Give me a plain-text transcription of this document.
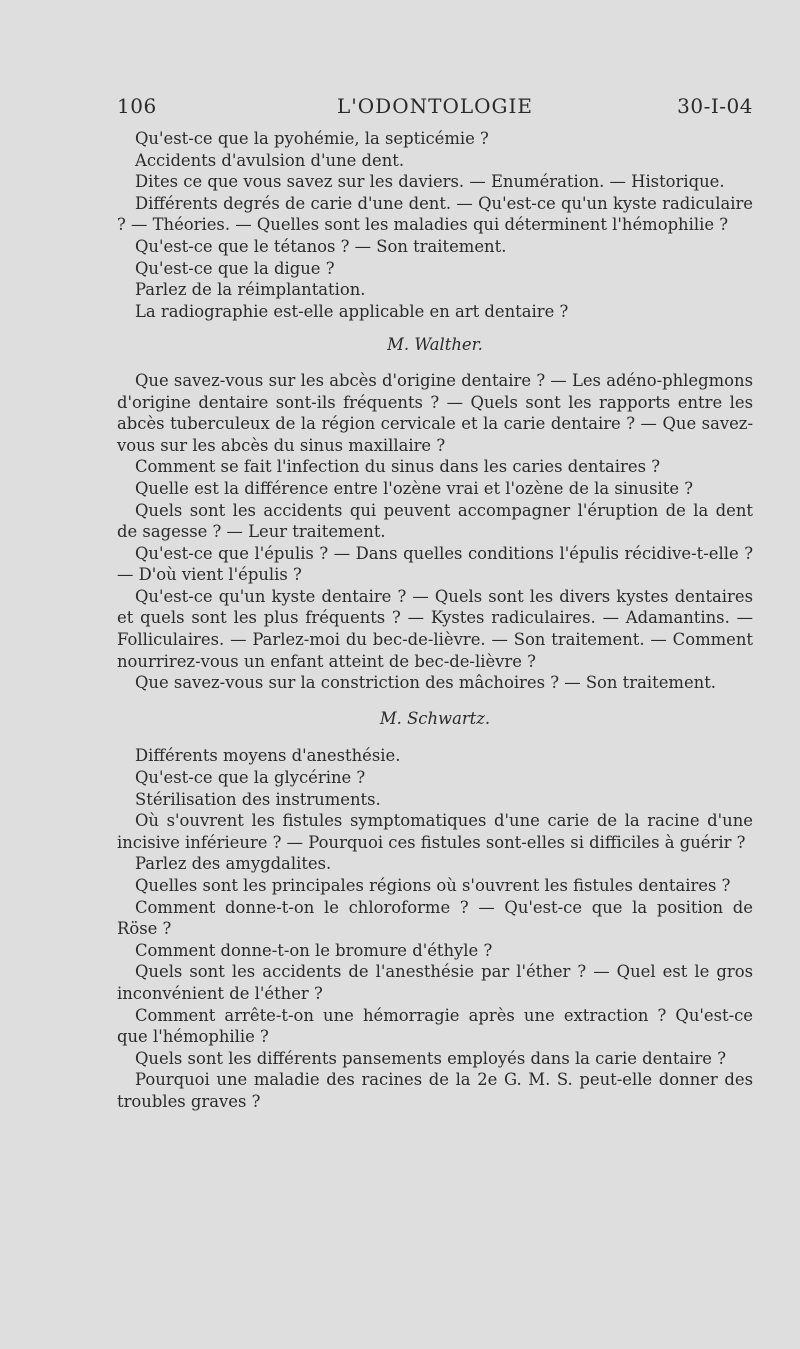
106	L'ODONTOLOGIE	30-I-04

Qu'est-ce que la pyohémie, la septicémie ?

Accidents d'avulsion d'une dent.

Dites ce que vous savez sur les daviers. — Enumération. — Historique.

Différents degrés de carie d'une dent. — Qu'est-ce qu'un kyste radiculaire ? — Théories. — Quelles sont les maladies qui déterminent l'hémophilie ?

Qu'est-ce que le tétanos ? — Son traitement.

Qu'est-ce que la digue ?

Parlez de la réimplantation.

La radiographie est-elle applicable en art dentaire ?

M. Walther.

Que savez-vous sur les abcès d'origine dentaire ? — Les adéno-phlegmons d'origine dentaire sont-ils fréquents ? — Quels sont les rapports entre les abcès tuberculeux de la région cervicale et la carie dentaire ? — Que savez-vous sur les abcès du sinus maxillaire ?

Comment se fait l'infection du sinus dans les caries dentaires ?

Quelle est la différence entre l'ozène vrai et l'ozène de la sinusite ?

Quels sont les accidents qui peuvent accompagner l'éruption de la dent de sagesse ? — Leur traitement.

Qu'est-ce que l'épulis ? — Dans quelles conditions l'épulis récidive-t-elle ? — D'où vient l'épulis ?

Qu'est-ce qu'un kyste dentaire ? — Quels sont les divers kystes dentaires et quels sont les plus fréquents ? — Kystes radiculaires. — Adamantins. — Folliculaires. — Parlez-moi du bec-de-lièvre. — Son traitement. — Comment nourrirez-vous un enfant atteint de bec-de-lièvre ?

Que savez-vous sur la constriction des mâchoires ? — Son traitement.

M. Schwartz.

Différents moyens d'anesthésie.

Qu'est-ce que la glycérine ?

Stérilisation des instruments.

Où s'ouvrent les fistules symptomatiques d'une carie de la racine d'une incisive inférieure ? — Pourquoi ces fistules sont-elles si difficiles à guérir ?

Parlez des amygdalites.

Quelles sont les principales régions où s'ouvrent les fistules dentaires ?

Comment donne-t-on le chloroforme ? — Qu'est-ce que la position de Röse ?

Comment donne-t-on le bromure d'éthyle ?

Quels sont les accidents de l'anesthésie par l'éther ? — Quel est le gros inconvénient de l'éther ?

Comment arrête-t-on une hémorragie après une extraction ? Qu'est-ce que l'hémophilie ?

Quels sont les différents pansements employés dans la carie dentaire ?

Pourquoi une maladie des racines de la 2e G. M. S. peut-elle donner des troubles graves ?
